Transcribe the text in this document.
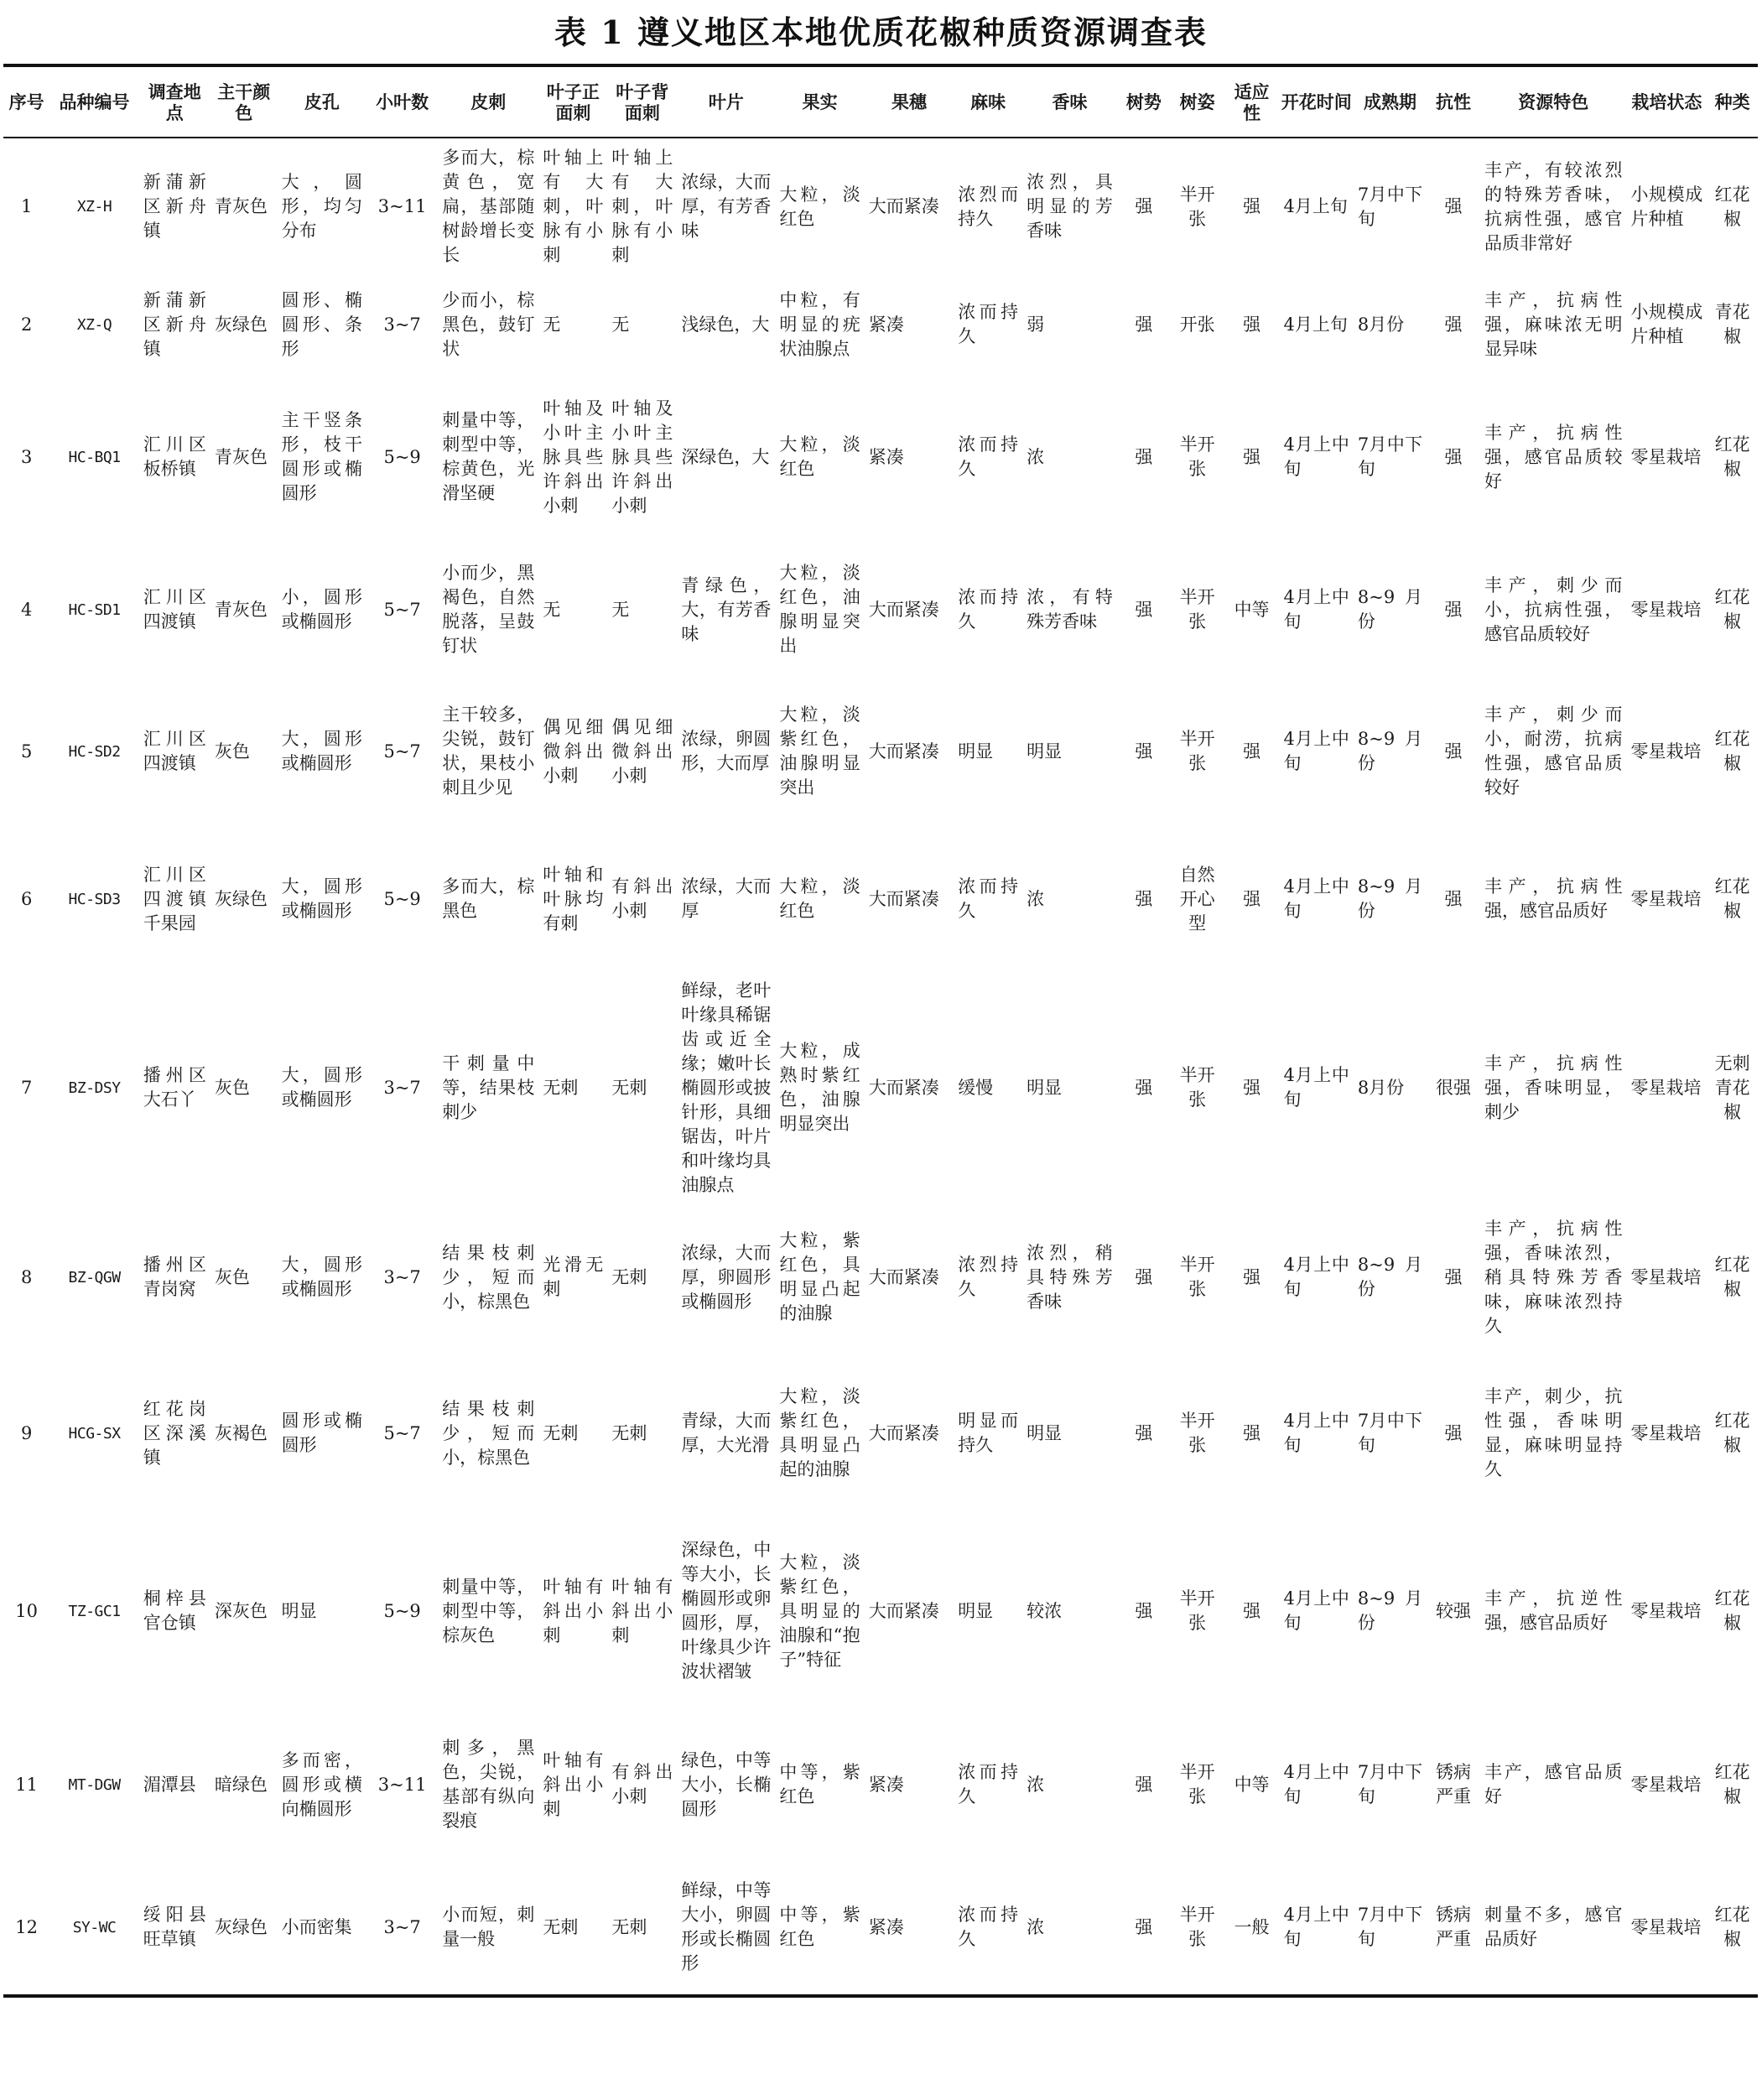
表 1 遵义地区本地优质花椒种质资源调查表
序号	品种编号	调查地点	主干颜色	皮孔	小叶数	皮刺	叶子正面刺	叶子背面刺	叶片	果实	果穗	麻味	香味	树势	树姿	适应性	开花时间	成熟期	抗性	资源特色	栽培状态	种类
1	XZ-H	新蒲新区新舟镇	青灰色	大，圆形，均匀分布	3~11	多而大，棕黄色，宽扁，基部随树龄增长变长	叶轴上有大刺，叶脉有小刺	叶轴上有大刺，叶脉有小刺	浓绿，大而厚，有芳香味	大粒，淡红色	大而紧凑	浓烈而持久	浓烈，具明显的芳香味	强	半开张	强	4月上旬	7月中下旬	强	丰产，有较浓烈的特殊芳香味，抗病性强，感官品质非常好	小规模成片种植	红花椒
2	XZ-Q	新蒲新区新舟镇	灰绿色	圆形、椭圆形、条形	3~7	少而小，棕黑色，鼓钉状	无	无	浅绿色，大	中粒，有明显的疣状油腺点	紧凑	浓而持久	弱	强	开张	强	4月上旬	8月份	强	丰产，抗病性强，麻味浓无明显异味	小规模成片种植	青花椒
3	HC-BQ1	汇川区板桥镇	青灰色	主干竖条形，枝干圆形或椭圆形	5~9	刺量中等，刺型中等，棕黄色，光滑坚硬	叶轴及小叶主脉具些许斜出小刺	叶轴及小叶主脉具些许斜出小刺	深绿色，大	大粒，淡红色	紧凑	浓而持久	浓	强	半开张	强	4月上中旬	7月中下旬	强	丰产，抗病性强，感官品质较好	零星栽培	红花椒
4	HC-SD1	汇川区四渡镇	青灰色	小，圆形或椭圆形	5~7	小而少，黑褐色，自然脱落，呈鼓钉状	无	无	青绿色，大，有芳香味	大粒，淡红色，油腺明显突出	大而紧凑	浓而持久	浓，有特殊芳香味	强	半开张	中等	4月上中旬	8~9月份	强	丰产，刺少而小，抗病性强，感官品质较好	零星栽培	红花椒
5	HC-SD2	汇川区四渡镇	灰色	大，圆形或椭圆形	5~7	主干较多，尖锐，鼓钉状，果枝小刺且少见	偶见细微斜出小刺	偶见细微斜出小刺	浓绿，卵圆形，大而厚	大粒，淡紫红色，油腺明显突出	大而紧凑	明显	明显	强	半开张	强	4月上中旬	8~9月份	强	丰产，刺少而小，耐涝，抗病性强，感官品质较好	零星栽培	红花椒
6	HC-SD3	汇川区四渡镇千果园	灰绿色	大，圆形或椭圆形	5~9	多而大，棕黑色	叶轴和叶脉均有刺	有斜出小刺	浓绿，大而厚	大粒，淡红色	大而紧凑	浓而持久	浓	强	自然开心型	强	4月上中旬	8~9月份	强	丰产，抗病性强，感官品质好	零星栽培	红花椒
7	BZ-DSY	播州区大石丫	灰色	大，圆形或椭圆形	3~7	干刺量中等，结果枝刺少	无刺	无刺	鲜绿，老叶叶缘具稀锯齿或近全缘；嫩叶长椭圆形或披针形，具细锯齿，叶片和叶缘均具油腺点	大粒，成熟时紫红色，油腺明显突出	大而紧凑	缓慢	明显	强	半开张	强	4月上中旬	8月份	很强	丰产，抗病性强，香味明显，刺少	零星栽培	无刺青花椒
8	BZ-QGW	播州区青岗窝	灰色	大，圆形或椭圆形	3~7	结果枝刺少，短而小，棕黑色	光滑无刺	无刺	浓绿，大而厚，卵圆形或椭圆形	大粒，紫红色，具明显凸起的油腺	大而紧凑	浓烈持久	浓烈，稍具特殊芳香味	强	半开张	强	4月上中旬	8~9月份	强	丰产，抗病性强，香味浓烈，稍具特殊芳香味，麻味浓烈持久	零星栽培	红花椒
9	HCG-SX	红花岗区深溪镇	灰褐色	圆形或椭圆形	5~7	结果枝刺少，短而小，棕黑色	无刺	无刺	青绿，大而厚，大光滑	大粒，淡紫红色，具明显凸起的油腺	大而紧凑	明显而持久	明显	强	半开张	强	4月上中旬	7月中下旬	强	丰产，刺少，抗性强，香味明显，麻味明显持久	零星栽培	红花椒
10	TZ-GC1	桐梓县官仓镇	深灰色	明显	5~9	刺量中等，刺型中等，棕灰色	叶轴有斜出小刺	叶轴有斜出小刺	深绿色，中等大小，长椭圆形或卵圆形，厚，叶缘具少许波状褶皱	大粒，淡紫红色，具明显的油腺和“抱子”特征	大而紧凑	明显	较浓	强	半开张	强	4月上中旬	8~9月份	较强	丰产，抗逆性强，感官品质好	零星栽培	红花椒
11	MT-DGW	湄潭县	暗绿色	多而密，圆形或横向椭圆形	3~11	刺多，黑色，尖锐，基部有纵向裂痕	叶轴有斜出小刺	有斜出小刺	绿色，中等大小，长椭圆形	中等，紫红色	紧凑	浓而持久	浓	强	半开张	中等	4月上中旬	7月中下旬	锈病严重	丰产，感官品质好	零星栽培	红花椒
12	SY-WC	绥阳县旺草镇	灰绿色	小而密集	3~7	小而短，刺量一般	无刺	无刺	鲜绿，中等大小，卵圆形或长椭圆形	中等，紫红色	紧凑	浓而持久	浓	强	半开张	一般	4月上中旬	7月中下旬	锈病严重	刺量不多，感官品质好	零星栽培	红花椒
